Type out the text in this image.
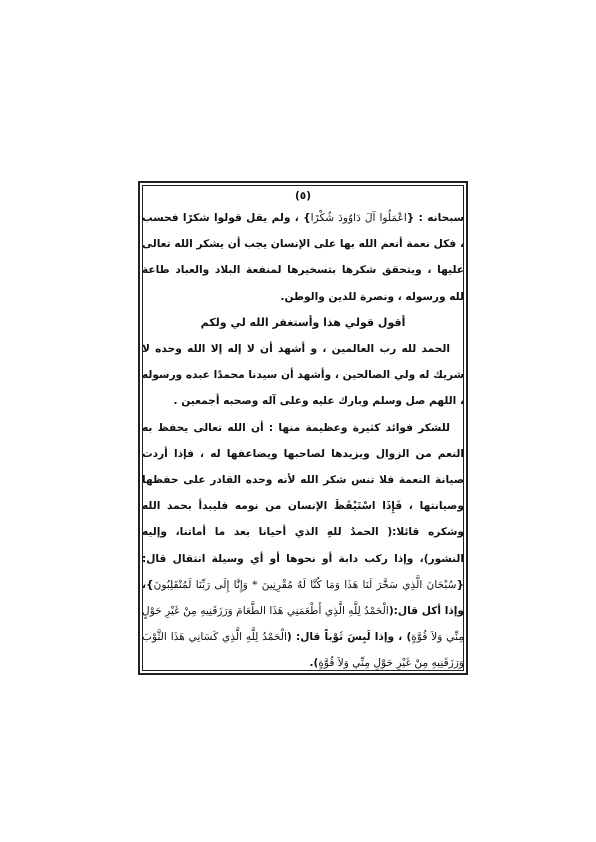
(٥)

سبحانه : {اعْمَلُوا آلَ دَاوُودَ شُكْرًا} ، ولم يقل قولوا شكرًا فحسب ، فكل نعمة أنعم الله بها على الإنسان يجب أن يشكر الله تعالى عليها ، ويتحقق شكرها بتسخيرها لمنفعة البلاد والعباد طاعة لله ورسوله ، ونصرة للدين والوطن.

أقول قولي هذا وأستغفر الله لي ولكم

الحمد لله رب العالمين ، و أشهد أن لا إله إلا الله وحده لا شريك له ولي الصالحين ، وأشهد أن سيدنا محمدًا عبده ورسوله ، اللهم صل وسلم وبارك عليه وعلى آله وصحبه أجمعين .

للشكر فوائد كثيرة وعظيمة منها : أن الله تعالى يحفظ به النعم من الزوال ويزيدها لصاحبها ويضاعفها له ، فإذا أردت صيانة النعمة فلا تنس شكر الله لأنه وحده القادر على حفظها وصيانتها ، فَإِذَا اسْتَيْقَظَ الإنسان من نومه فليبدأ بحمد الله وشكره قائلا:( الحمدُ للهِ الذي أحيانا بعد ما أماتنا، وإليه النشور)، وإذا ركب دابة أو نحوها أو أي وسيلة انتقال قال:{سُبْحَانَ الَّذِي سَخَّرَ لَنَا هَذَا وَمَا كُنَّا لَهُ مُقْرِنِينَ * وَإِنَّا إِلَى رَبِّنَا لَمُنْقَلِبُونَ}، وإذا أكل قال:(الْحَمْدُ لِلَّهِ الَّذِي أَطْعَمَنِي هَذَا الطَّعَامَ وَرَزَقَنِيهِ مِنْ غَيْرِ حَوْلٍ مِنِّي وَلاَ قُوَّةٍ) ، وإذا لَبِسَ ثَوْباً قال: (الْحَمْدُ لِلَّهِ الَّذِي كَسَانِي هَذَا الثَّوْبَ وَرَزَقَنِيهِ مِنْ غَيْرِ حَوْلٍ مِنِّي وَلاَ قُوَّةٍ).
